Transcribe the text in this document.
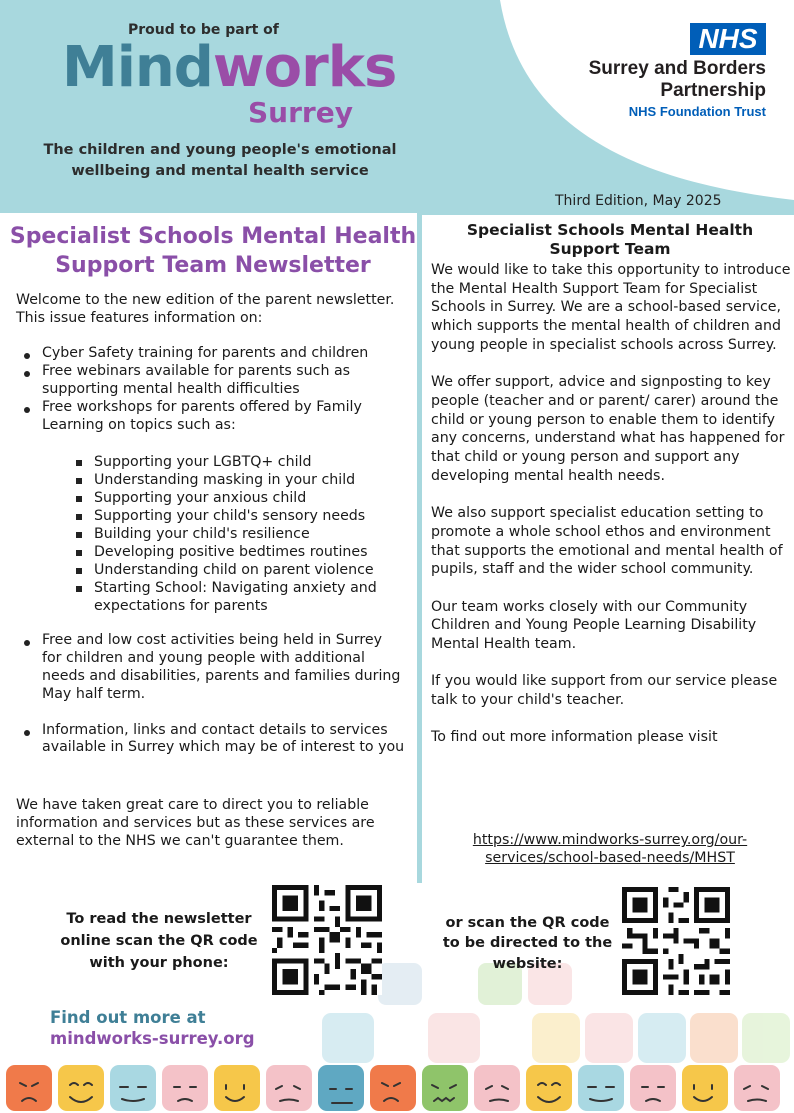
Proud to be part of
Mindworks
Surrey
The children and young people's emotional wellbeing and mental health service
NHS
Surrey and Borders
Partnership
NHS Foundation Trust
Third Edition, May 2025
Specialist Schools Mental Health Support Team Newsletter
Welcome to the new edition of the parent newsletter. This issue features information on:
Cyber Safety training for parents and children
Free webinars available for parents such as supporting mental health difficulties
Free workshops for parents offered by Family Learning on topics such as:
Supporting your LGBTQ+ child
Understanding masking in your child
Supporting your anxious child
Supporting your child's sensory needs
Building your child's resilience
Developing positive bedtimes routines
Understanding child on parent violence
Starting School: Navigating anxiety and expectations for parents
Free and low cost activities being held in Surrey for children and young people with additional needs and disabilities, parents and families during May half term.
Information, links and contact details to services available in Surrey which may be of interest to you
We have taken great care to direct you to reliable information and services but as these services are external to the NHS we can't guarantee them.
Specialist Schools Mental Health Support Team

We would like to take this opportunity to introduce the Mental Health Support Team for Specialist Schools in Surrey. We are a school-based service, which supports the mental health of children and young people in specialist schools across Surrey.

We offer support, advice and signposting to key people (teacher and or parent/ carer) around the child or young person to enable them to identify any concerns, understand what has happened for that child or young person and support any developing mental health needs.

We also support specialist education setting to promote a whole school ethos and environment that supports the emotional and mental health of pupils, staff and the wider school community.

Our team works closely with our Community Children and Young People Learning Disability Mental Health team.

If you would like support from our service please talk to your child's teacher.

To find out more information please visit

https://www.mindworks-surrey.org/our-services/school-based-needs/MHST
To read the newsletter online scan the QR code with your phone:
or scan the QR code to be directed to the website:
Find out more at
mindworks-surrey.org
